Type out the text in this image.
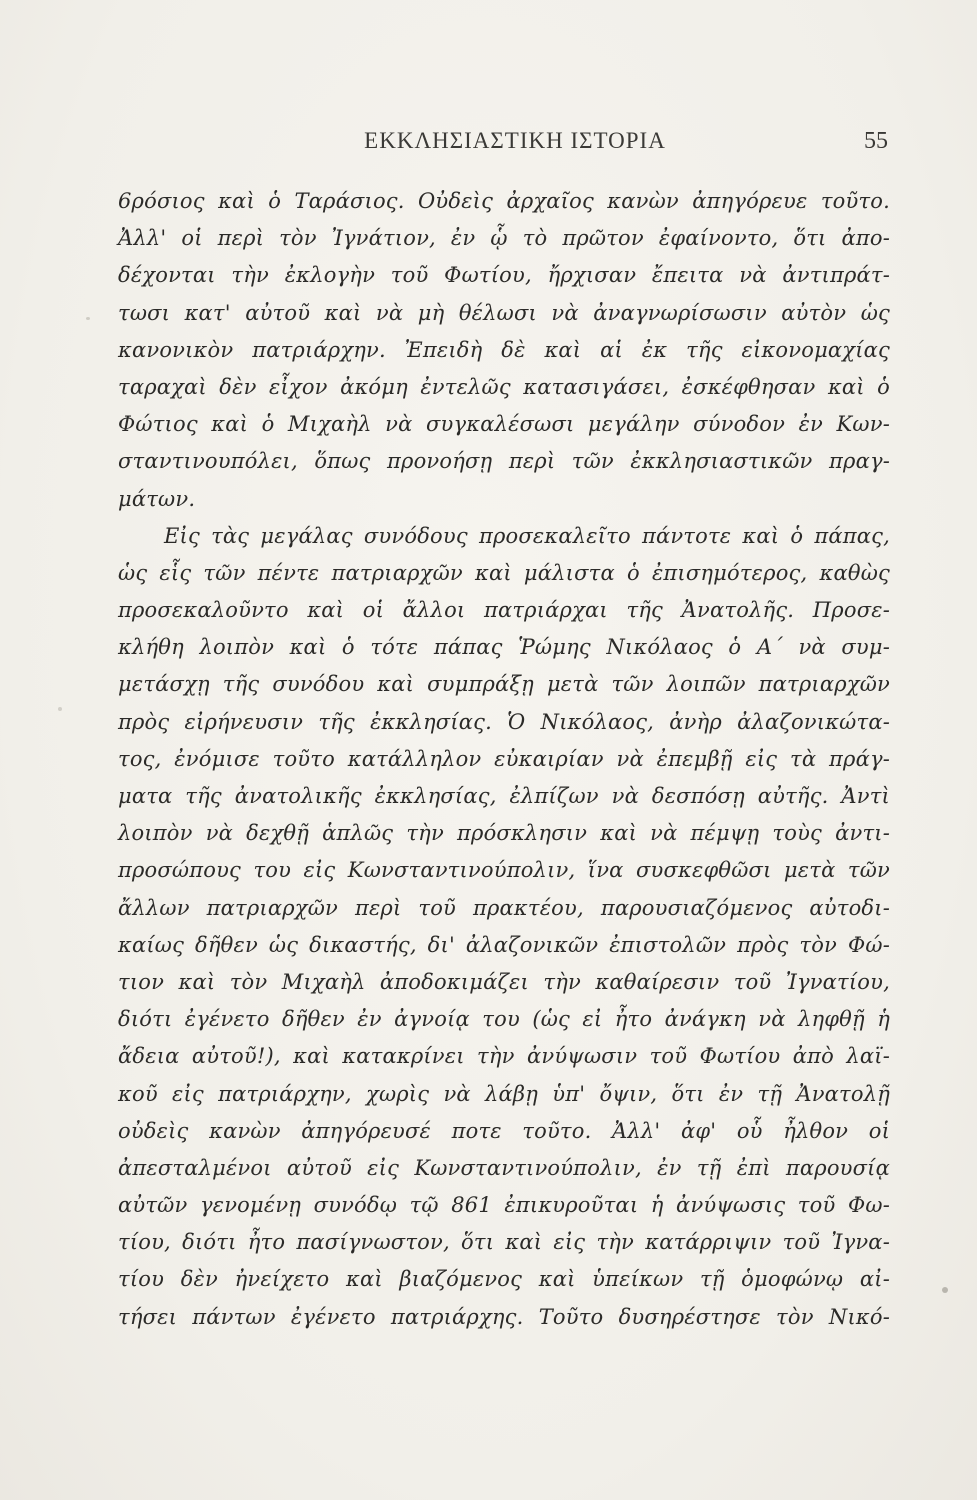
ΕΚΚΛΗΣΙΑΣΤΙΚΗ ΙΣΤΟΡΙΑ	55
6ρόσιος καὶ ὁ Ταράσιος. Οὐδεὶς ἀρχαῖος κανὼν ἀπηγόρευε τοῦτο.
Ἀλλ' οἱ περὶ τὸν Ἰγνάτιον, ἐν ᾧ τὸ πρῶτον ἐφαίνοντο, ὅτι ἀπο-
δέχονται τὴν ἐκλογὴν τοῦ Φωτίου, ἤρχισαν ἔπειτα νὰ ἀντιπράτ-
τωσι κατ' αὐτοῦ καὶ νὰ μὴ θέλωσι νὰ ἀναγνωρίσωσιν αὐτὸν ὡς
κανονικὸν πατριάρχην. Ἐπειδὴ δὲ καὶ αἱ ἐκ τῆς εἰκονομαχίας
ταραχαὶ δὲν εἶχον ἀκόμη ἐντελῶς κατασιγάσει, ἐσκέφθησαν καὶ ὁ
Φώτιος καὶ ὁ Μιχαὴλ νὰ συγκαλέσωσι μεγάλην σύνοδον ἐν Κων-
σταντινουπόλει, ὅπως προνοήσῃ περὶ τῶν ἐκκλησιαστικῶν πραγ-
μάτων.
Εἰς τὰς μεγάλας συνόδους προσεκαλεῖτο πάντοτε καὶ ὁ πάπας,
ὡς εἷς τῶν πέντε πατριαρχῶν καὶ μάλιστα ὁ ἐπισημότερος, καθὼς
προσεκαλοῦντο καὶ οἱ ἄλλοι πατριάρχαι τῆς Ἀνατολῆς. Προσε-
κλήθη λοιπὸν καὶ ὁ τότε πάπας Ῥώμης Νικόλαος ὁ Α΄ νὰ συμ-
μετάσχῃ τῆς συνόδου καὶ συμπράξῃ μετὰ τῶν λοιπῶν πατριαρχῶν
πρὸς εἰρήνευσιν τῆς ἐκκλησίας. Ὁ Νικόλαος, ἀνὴρ ἀλαζονικώτα-
τος, ἐνόμισε τοῦτο κατάλληλον εὐκαιρίαν νὰ ἐπεμβῇ εἰς τὰ πράγ-
ματα τῆς ἀνατολικῆς ἐκκλησίας, ἐλπίζων νὰ δεσπόσῃ αὐτῆς. Ἀντὶ
λοιπὸν νὰ δεχθῇ ἁπλῶς τὴν πρόσκλησιν καὶ νὰ πέμψῃ τοὺς ἀντι-
προσώπους του εἰς Κωνσταντινούπολιν, ἵνα συσκεφθῶσι μετὰ τῶν
ἄλλων πατριαρχῶν περὶ τοῦ πρακτέου, παρουσιαζόμενος αὐτοδι-
καίως δῆθεν ὡς δικαστής, δι' ἀλαζονικῶν ἐπιστολῶν πρὸς τὸν Φώ-
τιον καὶ τὸν Μιχαὴλ ἀποδοκιμάζει τὴν καθαίρεσιν τοῦ Ἰγνατίου,
διότι ἐγένετο δῆθεν ἐν ἀγνοίᾳ του (ὡς εἰ ἦτο ἀνάγκη νὰ ληφθῇ ἡ
ἄδεια αὐτοῦ!), καὶ κατακρίνει τὴν ἀνύψωσιν τοῦ Φωτίου ἀπὸ λαϊ-
κοῦ εἰς πατριάρχην, χωρὶς νὰ λάβῃ ὑπ' ὄψιν, ὅτι ἐν τῇ Ἀνατολῇ
οὐδεὶς κανὼν ἀπηγόρευσέ ποτε τοῦτο. Ἀλλ' ἀφ' οὗ ἦλθον οἱ
ἀπεσταλμένοι αὐτοῦ εἰς Κωνσταντινούπολιν, ἐν τῇ ἐπὶ παρουσίᾳ
αὐτῶν γενομένῃ συνόδῳ τῷ 861 ἐπικυροῦται ἡ ἀνύψωσις τοῦ Φω-
τίου, διότι ἦτο πασίγνωστον, ὅτι καὶ εἰς τὴν κατάρριψιν τοῦ Ἰγνα-
τίου δὲν ἠνείχετο καὶ βιαζόμενος καὶ ὑπείκων τῇ ὁμοφώνῳ αἰ-
τήσει πάντων ἐγένετο πατριάρχης. Τοῦτο δυσηρέστησε τὸν Νικό-
